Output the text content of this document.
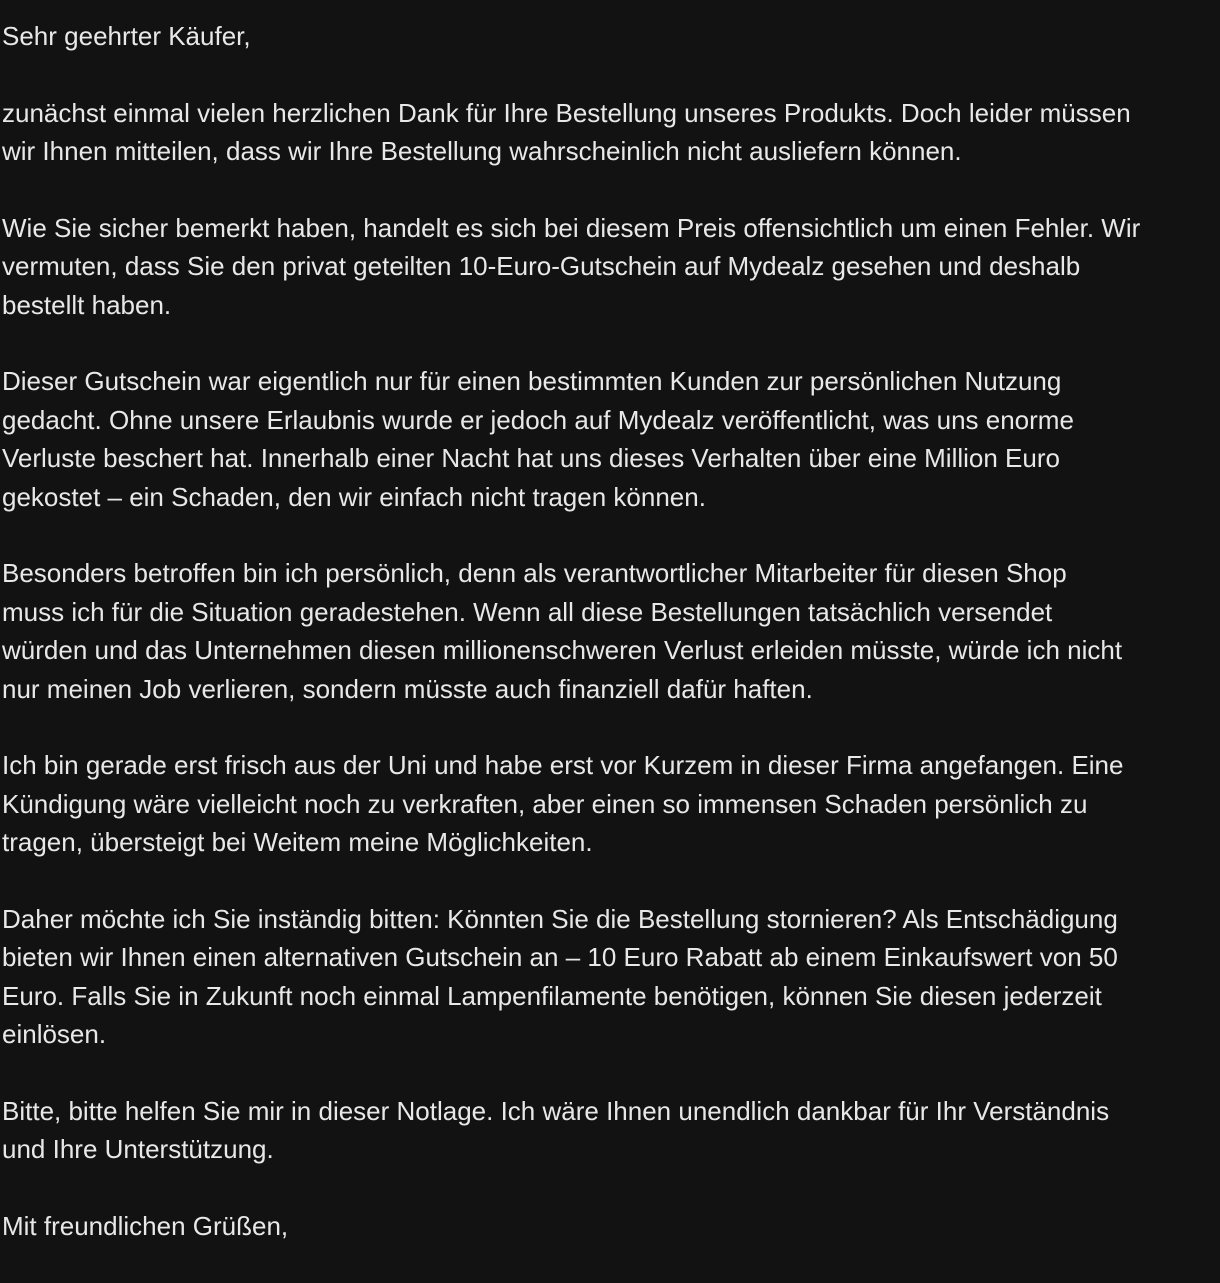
Sehr geehrter Käufer,

zunächst einmal vielen herzlichen Dank für Ihre Bestellung unseres Produkts. Doch leider müssen
wir Ihnen mitteilen, dass wir Ihre Bestellung wahrscheinlich nicht ausliefern können.

Wie Sie sicher bemerkt haben, handelt es sich bei diesem Preis offensichtlich um einen Fehler. Wir
vermuten, dass Sie den privat geteilten 10-Euro-Gutschein auf Mydealz gesehen und deshalb
bestellt haben.

Dieser Gutschein war eigentlich nur für einen bestimmten Kunden zur persönlichen Nutzung
gedacht. Ohne unsere Erlaubnis wurde er jedoch auf Mydealz veröffentlicht, was uns enorme
Verluste beschert hat. Innerhalb einer Nacht hat uns dieses Verhalten über eine Million Euro
gekostet – ein Schaden, den wir einfach nicht tragen können.

Besonders betroffen bin ich persönlich, denn als verantwortlicher Mitarbeiter für diesen Shop
muss ich für die Situation geradestehen. Wenn all diese Bestellungen tatsächlich versendet
würden und das Unternehmen diesen millionenschweren Verlust erleiden müsste, würde ich nicht
nur meinen Job verlieren, sondern müsste auch finanziell dafür haften.

Ich bin gerade erst frisch aus der Uni und habe erst vor Kurzem in dieser Firma angefangen. Eine
Kündigung wäre vielleicht noch zu verkraften, aber einen so immensen Schaden persönlich zu
tragen, übersteigt bei Weitem meine Möglichkeiten.

Daher möchte ich Sie inständig bitten: Könnten Sie die Bestellung stornieren? Als Entschädigung
bieten wir Ihnen einen alternativen Gutschein an – 10 Euro Rabatt ab einem Einkaufswert von 50
Euro. Falls Sie in Zukunft noch einmal Lampenfilamente benötigen, können Sie diesen jederzeit
einlösen.

Bitte, bitte helfen Sie mir in dieser Notlage. Ich wäre Ihnen unendlich dankbar für Ihr Verständnis
und Ihre Unterstützung.

Mit freundlichen Grüßen,
